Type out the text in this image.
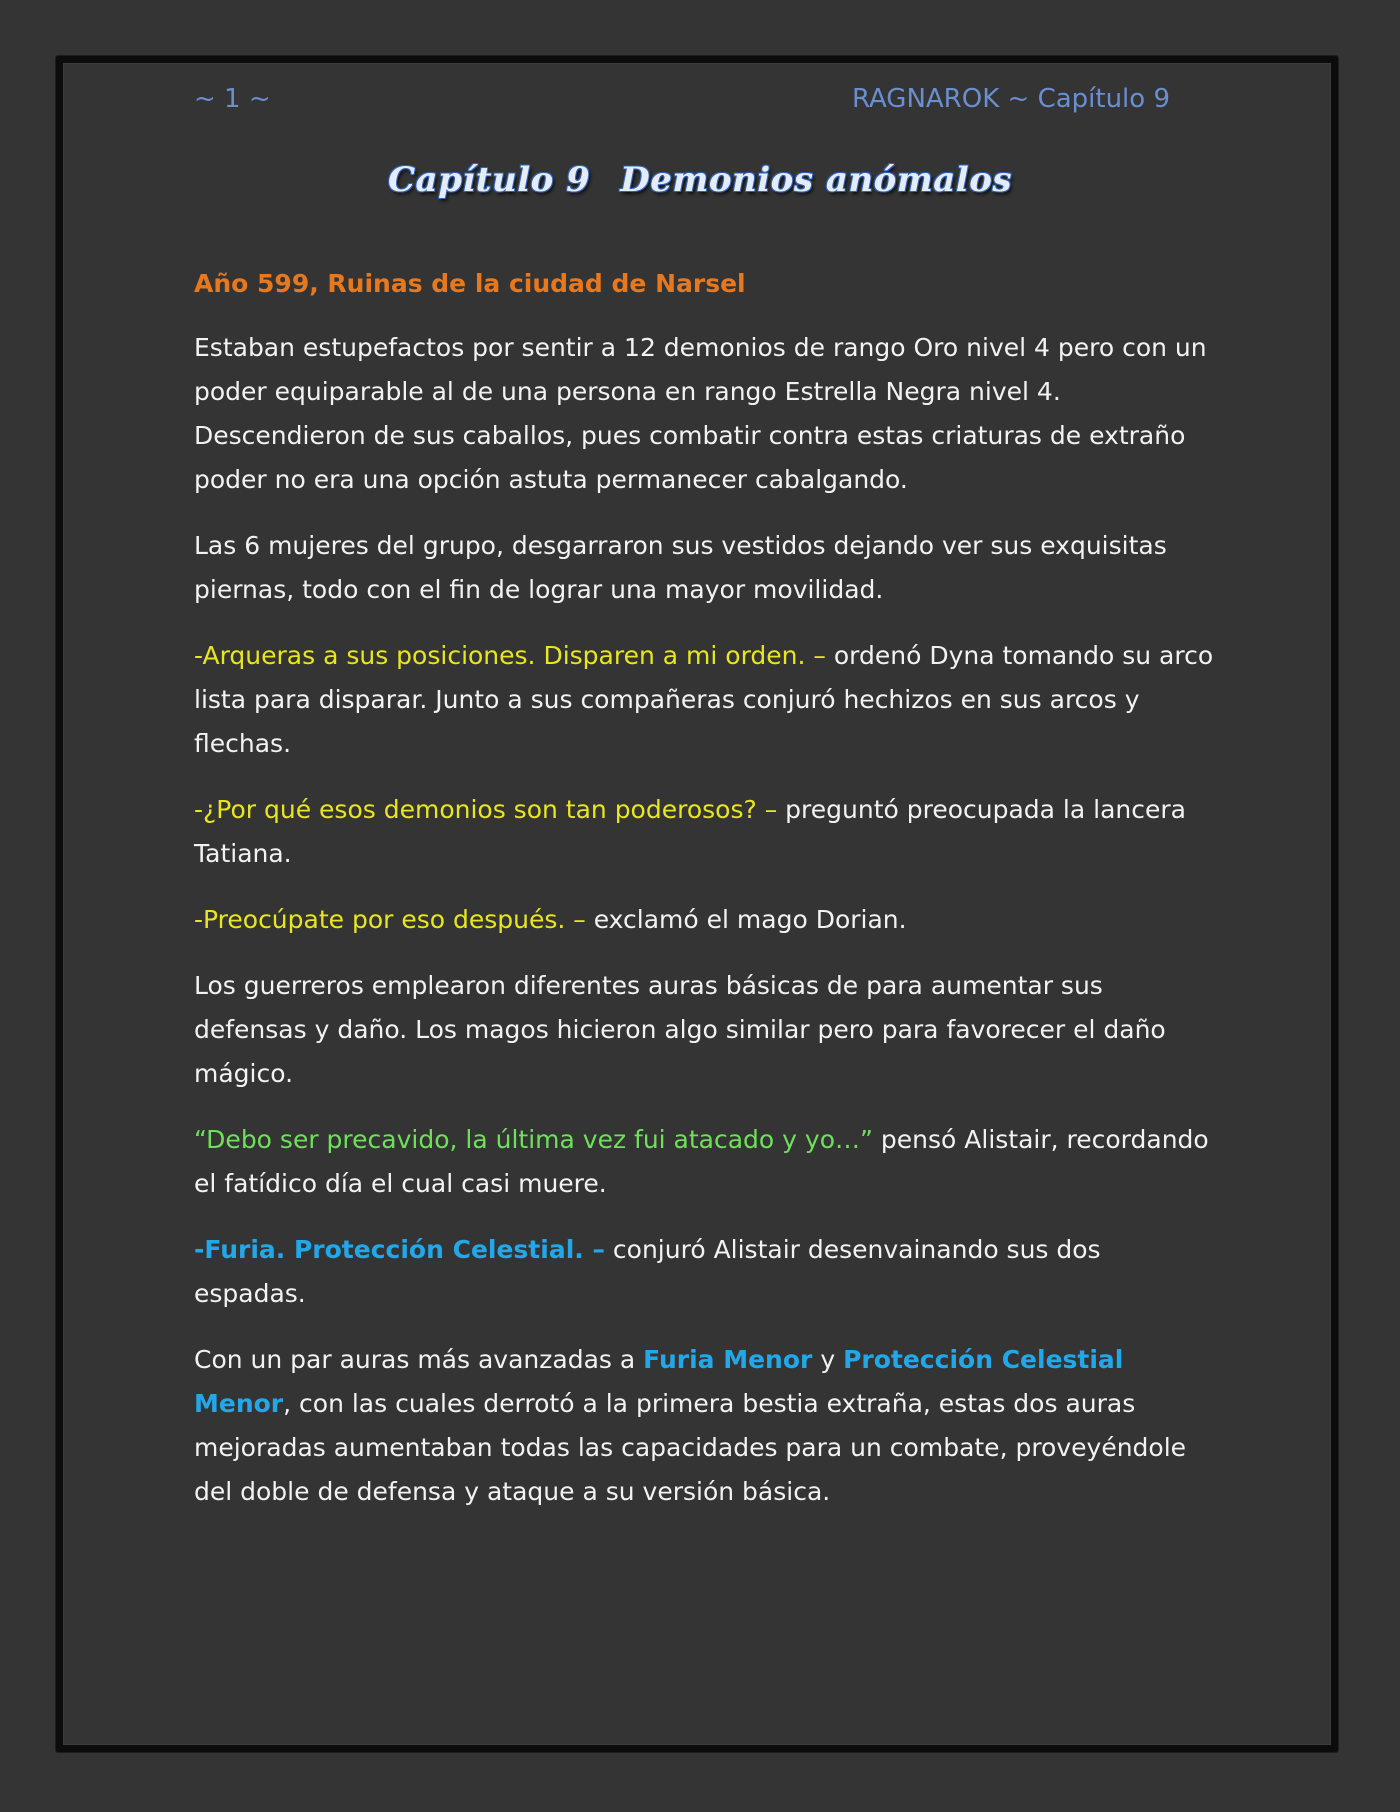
~ 1 ~	RAGNAROK ~ Capítulo 9
Capítulo 9 Demonios anómalos

Año 599, Ruinas de la ciudad de Narsel

Estaban estupefactos por sentir a 12 demonios de rango Oro nivel 4 pero con un poder equiparable al de una persona en rango Estrella Negra nivel 4. Descendieron de sus caballos, pues combatir contra estas criaturas de extraño poder no era una opción astuta permanecer cabalgando.

Las 6 mujeres del grupo, desgarraron sus vestidos dejando ver sus exquisitas piernas, todo con el fin de lograr una mayor movilidad.

-Arqueras a sus posiciones. Disparen a mi orden. – ordenó Dyna tomando su arco lista para disparar. Junto a sus compañeras conjuró hechizos en sus arcos y flechas.

-¿Por qué esos demonios son tan poderosos? – preguntó preocupada la lancera Tatiana.

-Preocúpate por eso después. – exclamó el mago Dorian.

Los guerreros emplearon diferentes auras básicas de para aumentar sus defensas y daño. Los magos hicieron algo similar pero para favorecer el daño mágico.

“Debo ser precavido, la última vez fui atacado y yo…” pensó Alistair, recordando el fatídico día el cual casi muere.

-Furia. Protección Celestial. – conjuró Alistair desenvainando sus dos espadas.

Con un par auras más avanzadas a Furia Menor y Protección Celestial Menor, con las cuales derrotó a la primera bestia extraña, estas dos auras mejoradas aumentaban todas las capacidades para un combate, proveyéndole del doble de defensa y ataque a su versión básica.
